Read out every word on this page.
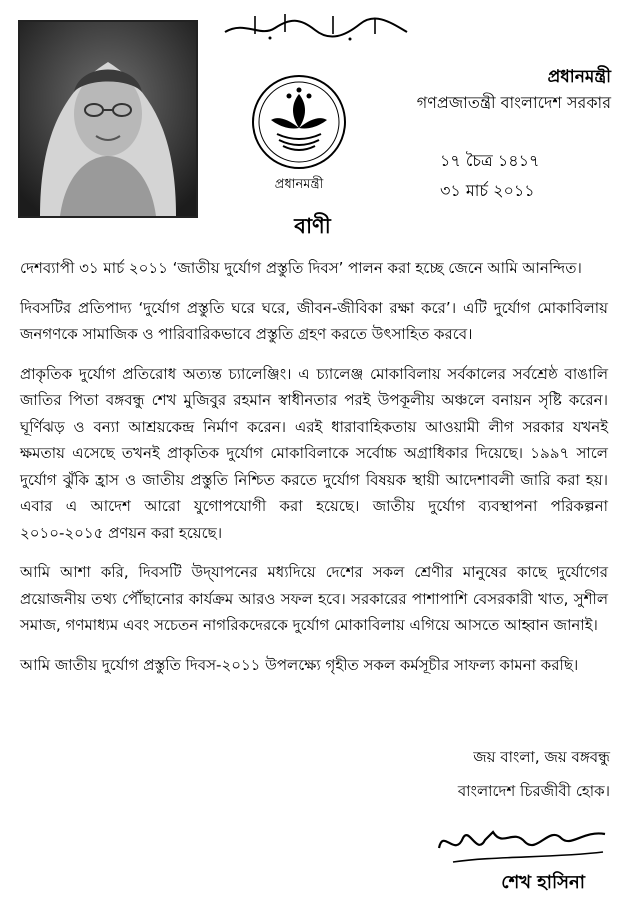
প্রধানমন্ত্রী
প্রধানমন্ত্রী
গণপ্রজাতন্ত্রী বাংলাদেশ সরকার
১৭ চৈত্র ১৪১৭
৩১ মার্চ ২০১১
বাণী

দেশব্যাপী ৩১ মার্চ ২০১১ ‘জাতীয় দুর্যোগ প্রস্তুতি দিবস’ পালন করা হচ্ছে জেনে আমি আনন্দিত।

দিবসটির প্রতিপাদ্য ‘দুর্যোগ প্রস্তুতি ঘরে ঘরে, জীবন-জীবিকা রক্ষা করে’। এটি দুর্যোগ মোকাবিলায় জনগণকে সামাজিক ও পারিবারিকভাবে প্রস্তুতি গ্রহণ করতে উৎসাহিত করবে।

প্রাকৃতিক দুর্যোগ প্রতিরোধ অত্যন্ত চ্যালেঞ্জিং। এ চ্যালেঞ্জ মোকাবিলায় সর্বকালের সর্বশ্রেষ্ঠ বাঙালি জাতির পিতা বঙ্গবন্ধু শেখ মুজিবুর রহমান স্বাধীনতার পরই উপকূলীয় অঞ্চলে বনায়ন সৃষ্টি করেন। ঘূর্ণিঝড় ও বন্যা আশ্রয়কেন্দ্র নির্মাণ করেন। এরই ধারাবাহিকতায় আওয়ামী লীগ সরকার যখনই ক্ষমতায় এসেছে তখনই প্রাকৃতিক দুর্যোগ মোকাবিলাকে সর্বোচ্চ অগ্রাধিকার দিয়েছে। ১৯৯৭ সালে দুর্যোগ ঝুঁকি হ্রাস ও জাতীয় প্রস্তুতি নিশ্চিত করতে দুর্যোগ বিষয়ক স্থায়ী আদেশাবলী জারি করা হয়। এবার এ আদেশ আরো যুগোপযোগী করা হয়েছে। জাতীয় দুর্যোগ ব্যবস্থাপনা পরিকল্পনা ২০১০-২০১৫ প্রণয়ন করা হয়েছে।

আমি আশা করি, দিবসটি উদ্‌যাপনের মধ্যদিয়ে দেশের সকল শ্রেণীর মানুষের কাছে দুর্যোগের প্রয়োজনীয় তথ্য পৌঁছানোর কার্যক্রম আরও সফল হবে। সরকারের পাশাপাশি বেসরকারী খাত, সুশীল সমাজ, গণমাধ্যম এবং সচেতন নাগরিকদেরকে দুর্যোগ মোকাবিলায় এগিয়ে আসতে আহ্বান জানাই।

আমি জাতীয় দুর্যোগ প্রস্তুতি দিবস-২০১১ উপলক্ষ্যে গৃহীত সকল কর্মসূচীর সাফল্য কামনা করছি।

জয় বাংলা, জয় বঙ্গবন্ধু
বাংলাদেশ চিরজীবী হোক।
শেখ হাসিনা
